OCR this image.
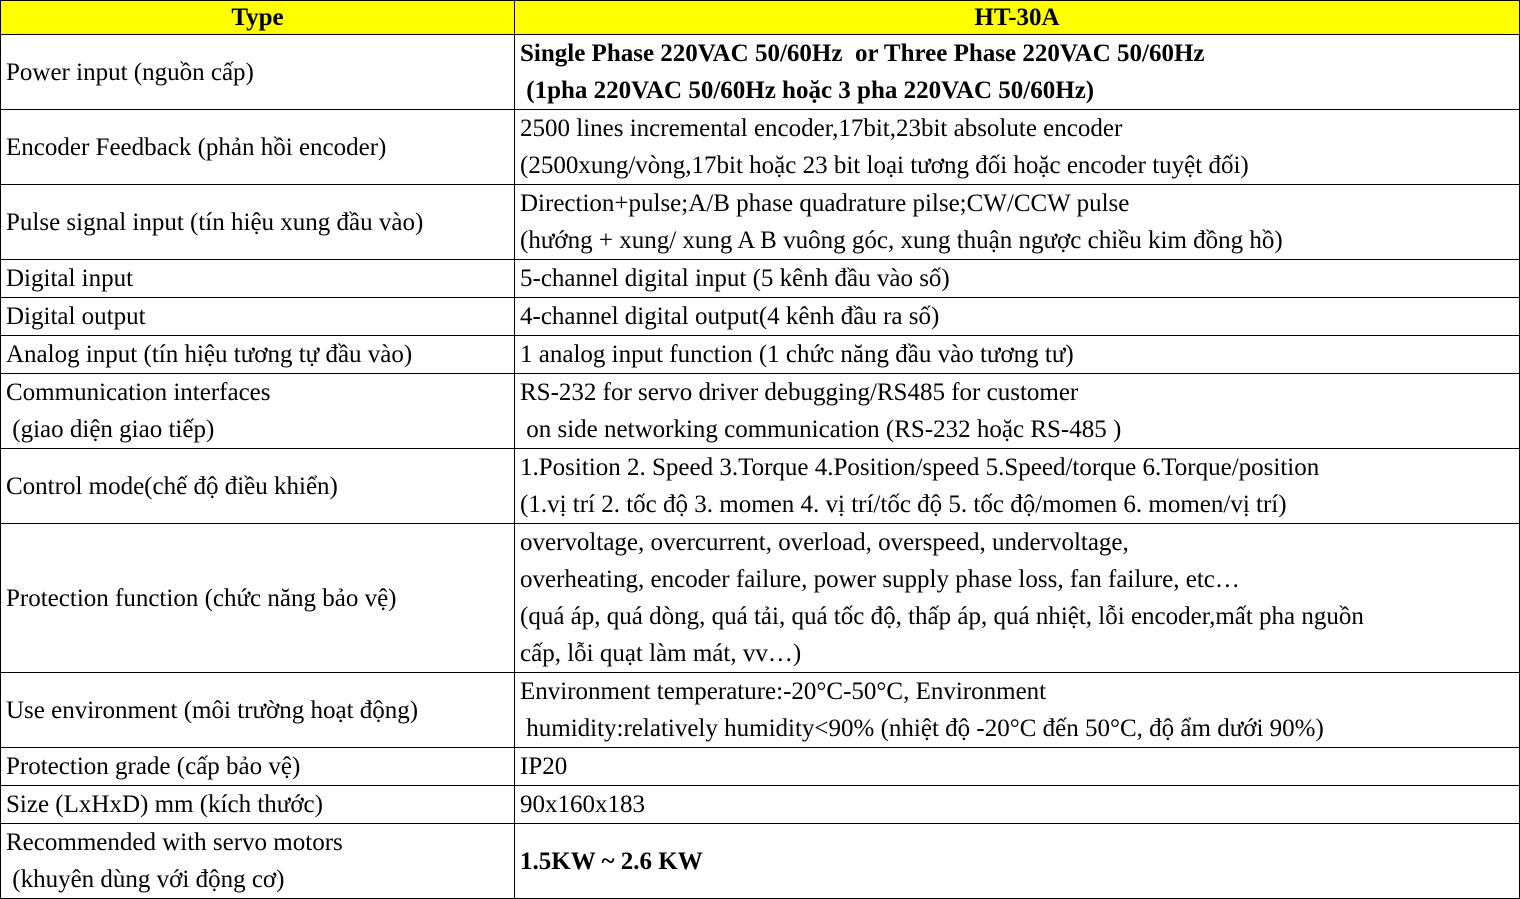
Type	HT-30A

Power input (nguồn cấp)	Single Phase 220VAC 50/60Hz  or Three Phase 220VAC 50/60Hz
(1pha 220VAC 50/60Hz hoặc 3 pha 220VAC 50/60Hz)

Encoder Feedback (phản hồi encoder)	2500 lines incremental encoder,17bit,23bit absolute encoder
(2500xung/vòng,17bit hoặc 23 bit loại tương đối hoặc encoder tuyệt đối)

Pulse signal input (tín hiệu xung đầu vào)	Direction+pulse;A/B phase quadrature pilse;CW/CCW pulse
(hướng + xung/ xung A B vuông góc, xung thuận ngược chiều kim đồng hồ)

Digital input	5-channel digital input (5 kênh đầu vào số)

Digital output	4-channel digital output(4 kênh đầu ra số)

Analog input (tín hiệu tương tự đầu vào)	1 analog input function (1 chức năng đầu vào tương tư)

Communication interfaces
(giao diện giao tiếp)	RS-232 for servo driver debugging/RS485 for customer
on side networking communication (RS-232 hoặc RS-485 )

Control mode(chế độ điều khiển)	1.Position 2. Speed 3.Torque 4.Position/speed 5.Speed/torque 6.Torque/position
(1.vị trí 2. tốc độ 3. momen 4. vị trí/tốc độ 5. tốc độ/momen 6. momen/vị trí)

Protection function (chức năng bảo vệ)	overvoltage, overcurrent, overload, overspeed, undervoltage,
overheating, encoder failure, power supply phase loss, fan failure, etc…
(quá áp, quá dòng, quá tải, quá tốc độ, thấp áp, quá nhiệt, lỗi encoder,mất pha nguồn
cấp, lỗi quạt làm mát, vv…)

Use environment (môi trường hoạt động)	Environment temperature:-20°C-50°C, Environment
humidity:relatively humidity<90% (nhiệt độ -20°C đến 50°C, độ ẩm dưới 90%)

Protection grade (cấp bảo vệ)	IP20

Size (LxHxD) mm (kích thước)	90x160x183

Recommended with servo motors
(khuyên dùng với động cơ)	1.5KW ~ 2.6 KW
